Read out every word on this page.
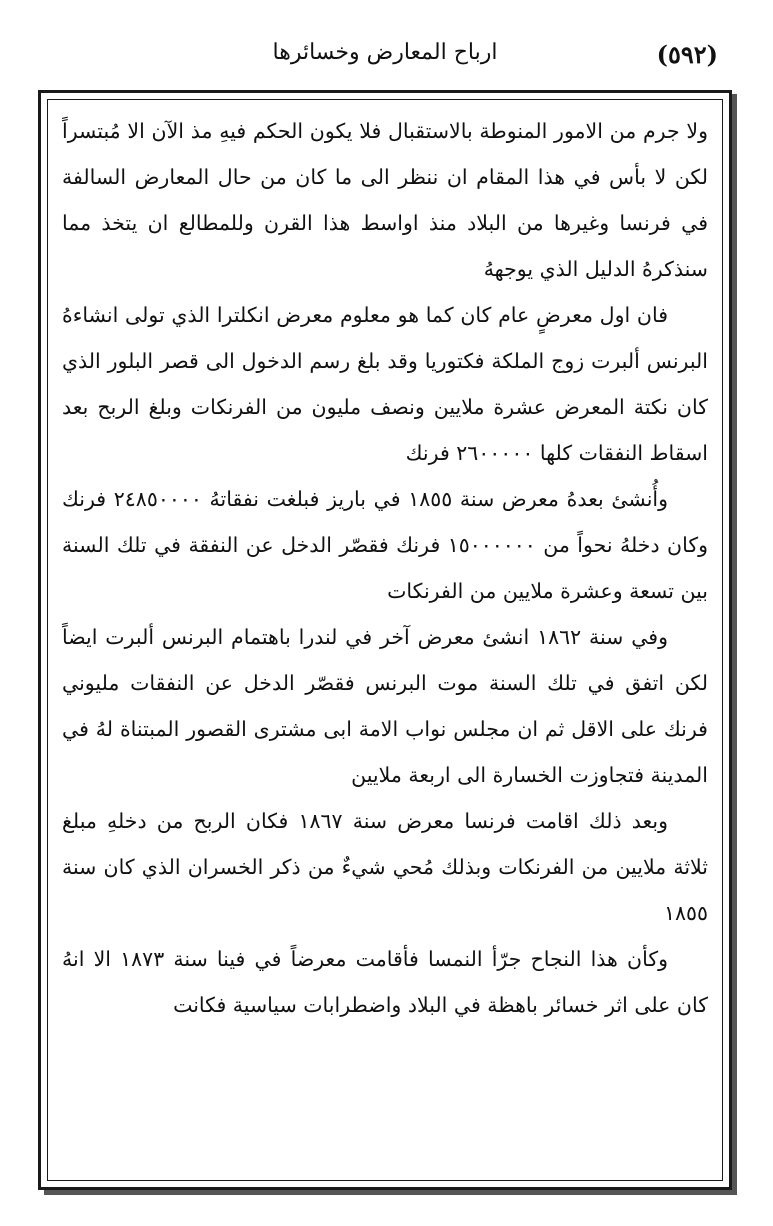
(٥٩٢)
ارباح المعارض وخسائرها

ولا جرم من الامور المنوطة بالاستقبال فلا يكون الحكم فيهِ مذ الآن الا مُبتسراً لكن لا بأس في هذا المقام ان ننظر الى ما كان من حال المعارض السالفة في فرنسا وغيرها من البلاد منذ اواسط هذا القرن وللمطالع ان يتخذ مما سنذكرهُ الدليل الذي يوجههُ

فان اول معرضٍ عام كان كما هو معلوم معرض انكلترا الذي تولى انشاءهُ البرنس ألبرت زوج الملكة فكتوريا وقد بلغ رسم الدخول الى قصر البلور الذي كان نكتة المعرض عشرة ملايين ونصف مليون من الفرنكات وبلغ الربح بعد اسقاط النفقات كلها ٢٦٠٠٠٠٠ فرنك

وأُنشئ بعدهُ معرض سنة ١٨٥٥ في باريز فبلغت نفقاتهُ ٢٤٨٥٠٠٠٠ فرنك وكان دخلهُ نحواً من ١٥٠٠٠٠٠٠ فرنك فقصّر الدخل عن النفقة في تلك السنة بين تسعة وعشرة ملايين من الفرنكات

وفي سنة ١٨٦٢ انشئ معرض آخر في لندرا باهتمام البرنس ألبرت ايضاً لكن اتفق في تلك السنة موت البرنس فقصّر الدخل عن النفقات مليوني فرنك على الاقل ثم ان مجلس نواب الامة ابى مشترى القصور المبتناة لهُ في المدينة فتجاوزت الخسارة الى اربعة ملايين

وبعد ذلك اقامت فرنسا معرض سنة ١٨٦٧ فكان الربح من دخلهِ مبلغ ثلاثة ملايين من الفرنكات وبذلك مُحي شيءٌ من ذكر الخسران الذي كان سنة ١٨٥٥

وكأن هذا النجاح جرّأ النمسا فأقامت معرضاً في فينا سنة ١٨٧٣ الا انهُ كان على اثر خسائر باهظة في البلاد واضطرابات سياسية فكانت
